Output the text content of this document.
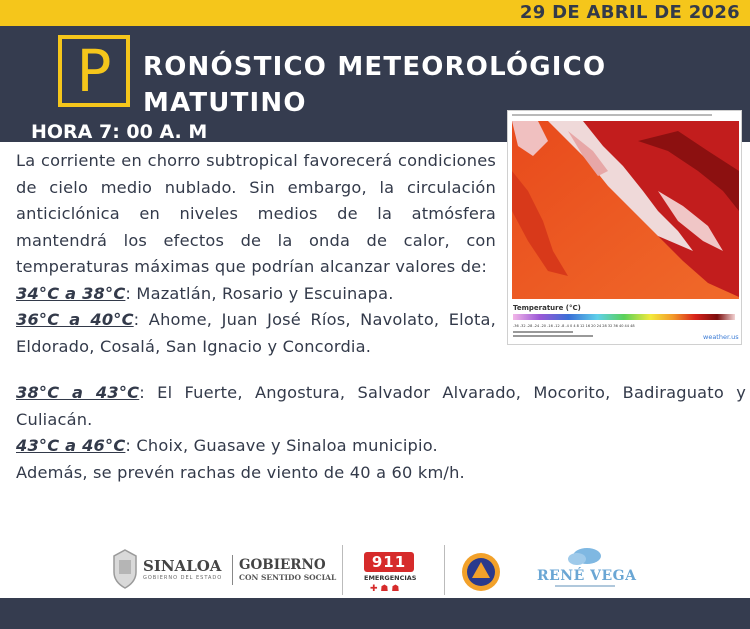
29 DE ABRIL DE 2026
P RONÓSTICO METEOROLÓGICO
MATUTINO
HORA 7: 00 A. M
Temperature (°C)
-36 -32 -28 -24 -20 -16 -12 -8 -4 0 4 8 12 16 20 24 28 32 36 40 44 48
weather.us

La corriente en chorro subtropical favorecerá condiciones de cielo medio nublado. Sin embargo, la circulación anticiclónica en niveles medios de la atmósfera mantendrá los efectos de la onda de calor, con temperaturas máximas que podrían alcanzar valores de:

34°C a 38°C: Mazatlán, Rosario y Escuinapa.

36°C a 40°C: Ahome, Juan José Ríos, Navolato, Elota, Eldorado, Cosalá, San Ignacio y Concordia.

38°C a 43°C: El Fuerte, Angostura, Salvador Alvarado, Mocorito, Badiraguato y Culiacán.

43°C a 46°C: Choix, Guasave y Sinaloa municipio.

Además, se prevén rachas de viento de 40 a 60 km/h.

SINALOA
GOBIERNO DEL ESTADO
GOBIERNO
CON SENTIDO SOCIAL
911
EMERGENCIAS
✚ ☗ ☗
RENÉ VEGA
